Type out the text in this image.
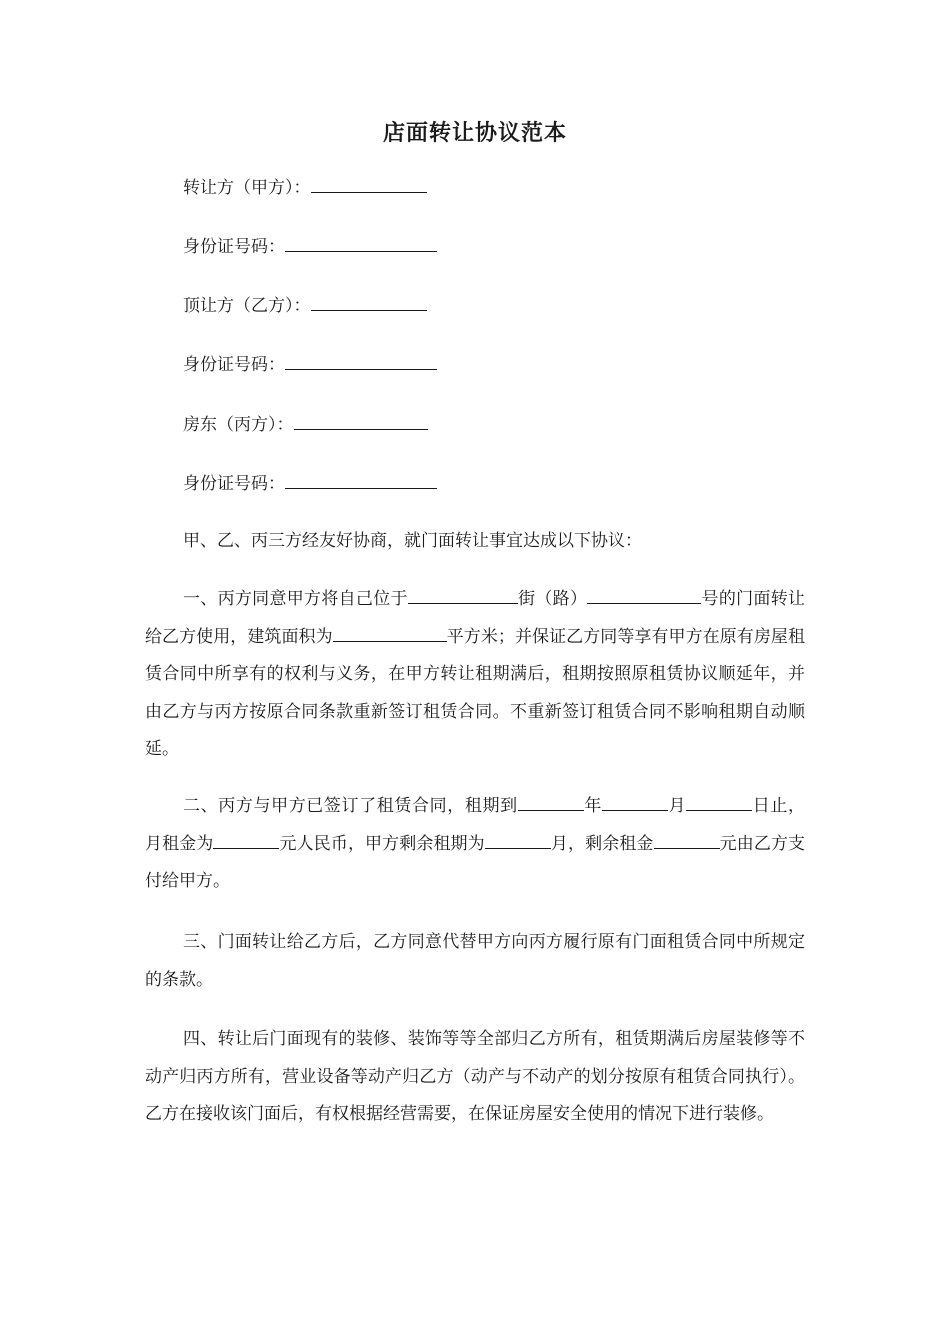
店面转让协议范本
转让方（甲方）：
身份证号码：
顶让方（乙方）：
身份证号码：
房东（丙方）：
身份证号码：
甲、乙、丙三方经友好协商，就门面转让事宜达成以下协议：
一、丙方同意甲方将自己位于	街（路）	号的门面转让给乙方使用，建筑面积为	平方米；并保证乙方同等享有甲方在原有房屋租赁合同中所享有的权利与义务，在甲方转让租期满后，租期按照原租赁协议顺延年，并由乙方与丙方按原合同条款重新签订租赁合同。不重新签订租赁合同不影响租期自动顺延。
二、丙方与甲方已签订了租赁合同，租期到	年	月	日止，月租金为	元人民币，甲方剩余租期为	月，剩余租金	元由乙方支付给甲方。
三、门面转让给乙方后，乙方同意代替甲方向丙方履行原有门面租赁合同中所规定的条款。
四、转让后门面现有的装修、装饰等等全部归乙方所有，租赁期满后房屋装修等不动产归丙方所有，营业设备等动产归乙方（动产与不动产的划分按原有租赁合同执行）。乙方在接收该门面后，有权根据经营需要，在保证房屋安全使用的情况下进行装修。
